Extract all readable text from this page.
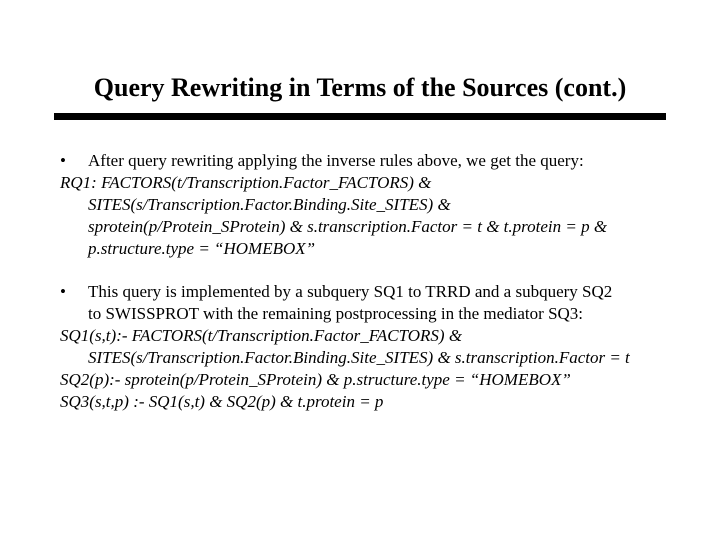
Query Rewriting in Terms of the Sources (cont.)
• After query rewriting applying the inverse rules above, we get the query:
RQ1: FACTORS(t/Transcription.Factor_FACTORS) &
SITES(s/Transcription.Factor.Binding.Site_SITES) &
sprotein(p/Protein_SProtein) & s.transcription.Factor = t & t.protein = p &
p.structure.type = “HOMEBOX”
• This query is implemented by a subquery SQ1 to TRRD and a subquery SQ2
to SWISSPROT with the remaining postprocessing in the mediator SQ3:
SQ1(s,t):- FACTORS(t/Transcription.Factor_FACTORS) &
SITES(s/Transcription.Factor.Binding.Site_SITES) & s.transcription.Factor = t
SQ2(p):- sprotein(p/Protein_SProtein) & p.structure.type = “HOMEBOX”
SQ3(s,t,p) :- SQ1(s,t) & SQ2(p) & t.protein = p
